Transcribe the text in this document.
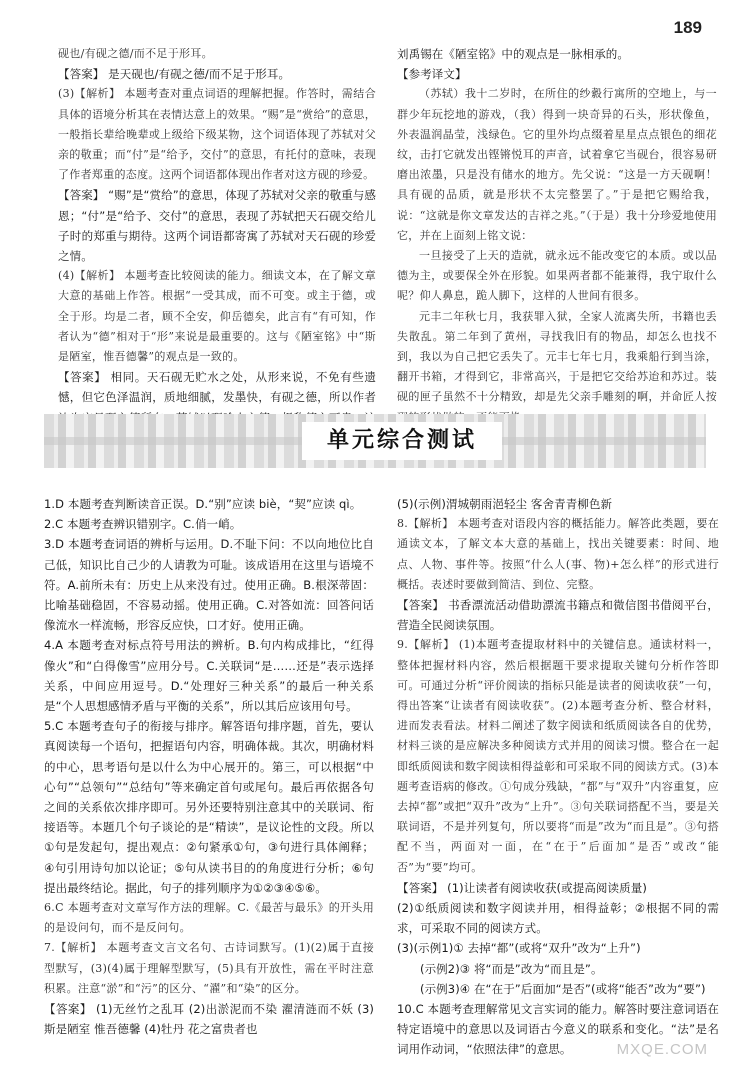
189

砚也/有砚之德/而不足于形耳。

【答案】 是天砚也/有砚之德/而不足于形耳。

(3)【解析】 本题考查对重点词语的理解把握。作答时，需结合具体的语境分析其在表情达意上的效果。“赐”是“赏给”的意思，一般指长辈给晚辈或上级给下级某物，这个词语体现了苏轼对父亲的敬重；而“付”是“给予，交付”的意思，有托付的意味，表现了作者郑重的态度。这两个词语都体现出作者对这方砚的珍爱。

【答案】 “赐”是“赏给”的意思，体现了苏轼对父亲的敬重与感恩；“付”是“给予、交付”的意思，表现了苏轼把天石砚交给儿子时的郑重与期待。这两个词语都寄寓了苏轼对天石砚的珍爱之情。

(4)【解析】 本题考查比较阅读的能力。细读文本，在了解文章大意的基础上作答。根据“一受其成，而不可变。或主于德，或全于形。均是二者，顾不全安，仰岳德矣，此言有“有可知，作者认为“德”相对于“形”来说是最重要的。这与《陋室铭》中“斯是陋室，惟吾德馨”的观点是一致的。

【答案】 相同。天石砚无贮水之处，从形来说，不免有些遗憾，但它色泽温润，质地细腻，发墨快，有砚之德，所以作者

刘禹锡在《陋室铭》中的观点是一脉相承的。

【参考译文】

（苏轼）我十二岁时，在所住的纱縠行寓所的空地上，与一群少年玩挖地的游戏，（我）得到一块奇异的石头，形状像鱼，外表温润晶莹，浅绿色。它的里外均点缀着星星点点银色的细花纹，击打它就发出铿锵悦耳的声音，试着拿它当砚台，很容易研磨出浓墨，只是没有储水的地方。先父说：“这是一方天砚啊！具有砚的品质，就是形状不太完整罢了。”于是把它赐给我，说：“这就是你文章发达的吉祥之兆。”（于是）我十分珍爱地使用它，并在上面刻上铭文说：

一旦接受了上天的造就，就永远不能改变它的本质。或以品德为主，或要保全外在形貌。如果两者都不能兼得，我宁取什么呢？仰人鼻息，跪人脚下，这样的人世间有很多。

元丰二年秋七月，我获罪入狱，全家人流离失所，书籍也丢失散乱。第二年到了黄州，寻找我旧有的物品，却怎么也找不到，我以为自己把它丢失了。元丰七年七月，我乘船行到当涂，翻开书箱，才得到它，非常高兴，于是把它交给苏迨和苏过。装砚的匣子虽然不十分精致，却是先父亲手雕刻的啊，并命匠人按

单元综合测试

1.D 本题考查判断读音正误。D.“别”应读 biè，“契”应读 qì。

2.C 本题考查辨识错别字。C.俏一峭。

3.D 本题考查词语的辨析与运用。D.不耻下问：不以向地位比自己低，知识比自己少的人请教为可耻。该成语用在这里与语境不符。A.前所未有：历史上从来没有过。使用正确。B.根深蒂固：比喻基础稳固，不容易动摇。使用正确。C.对答如流：回答问话像流水一样流畅，形容反应快，口才好。使用正确。

4.A 本题考查对标点符号用法的辨析。B.句内构成排比，“红得像火”和“白得像雪”应用分号。C.关联词“是……还是”表示选择关系，中间应用逗号。D.“处理好三种关系”的最后一种关系是“个人思想感情矛盾与平衡的关系”，所以其后应该用句号。

5.C 本题考查句子的衔接与排序。解答语句排序题，首先，要认真阅读每一个语句，把握语句内容，明确体裁。其次，明确材料的中心，思考语句是以什么为中心展开的。第三，可以根据“中心句”“总领句”“总结句”等来确定首句或尾句。最后再依据各句之间的关系依次排序即可。另外还要特别注意其中的关联词、衔接语等。本题几个句子谈论的是“精读”，是议论性的文段。所以①句是发起句，提出观点：②句紧承①句，③句进行具体阐释；④句引用诗句加以论证；⑤句从读书目的的角度进行分析；⑥句提出最终结论。据此，句子的排列顺序为①②③④⑤⑥。

6.C 本题考查对文章写作方法的理解。C.《最苦与最乐》的开头用的是设问句，而不是反问句。

7.【解析】 本题考查文言文名句、古诗词默写。(1)(2)属于直接型默写，(3)(4)属于理解型默写，(5)具有开放性，需在平时注意积累。注意“淤”和“污”的区分、“濯”和“染”的区分。

【答案】 (1)无丝竹之乱耳 (2)出淤泥而不染 濯清涟而不妖 (3)斯是陋室 惟吾德馨 (4)牡丹 花之富贵者也

(5)(示例)渭城朝雨浥轻尘 客舍青青柳色新

8.【解析】 本题考查对语段内容的概括能力。解答此类题，要在通读文本，了解文本大意的基础上，找出关键要素：时间、地点、人物、事件等。按照“什么人(事、物)+怎么样”的形式进行概括。表述时要做到简洁、到位、完整。

【答案】 书香漂流活动借助漂流书籍点和微信图书借阅平台，营造全民阅读氛围。

9.【解析】 (1)本题考查提取材料中的关键信息。通读材料一，整体把握材料内容，然后根据题干要求提取关键句分析作答即可。可通过分析“评价阅读的指标只能是读者的阅读收获”一句，得出答案“让读者有阅读收获”。(2)本题考查分析、整合材料，进而发表看法。材料二阐述了数字阅读和纸质阅读各自的优势，材料三谈的是应解决多种阅读方式并用的阅读习惯。整合在一起即纸质阅读和数字阅读相得益彰和可采取不同的阅读方式。(3)本题考查语病的修改。①句成分残缺，“都”与“双升”内容重复，应去掉“都”或把“双升”改为“上升”。③句关联词搭配不当，要是关联词语，不是并列复句，所以要将“而是”改为“而且是”。③句搭配不当，两面对一面，在“在于”后面加“是否”或改“能否”为“要”均可。

【答案】 (1)让读者有阅读收获(或提高阅读质量)

(2)①纸质阅读和数字阅读并用，相得益彰；②根据不同的需求，可采取不同的阅读方式。

(3)(示例1)① 去掉“都”(或将“双升”改为“上升”)

(示例2)③ 将“而是”改为“而且是”。

(示例3)④ 在“在于”后面加“是否”(或将“能否”改为“要”)

10.C 本题考查理解常见文言实词的能力。解答时要注意词语在特定语境中的意思以及词语古今意义的联系和变化。“法”是名词用作动词，“依照法律”的意思。	MXQE.COM
